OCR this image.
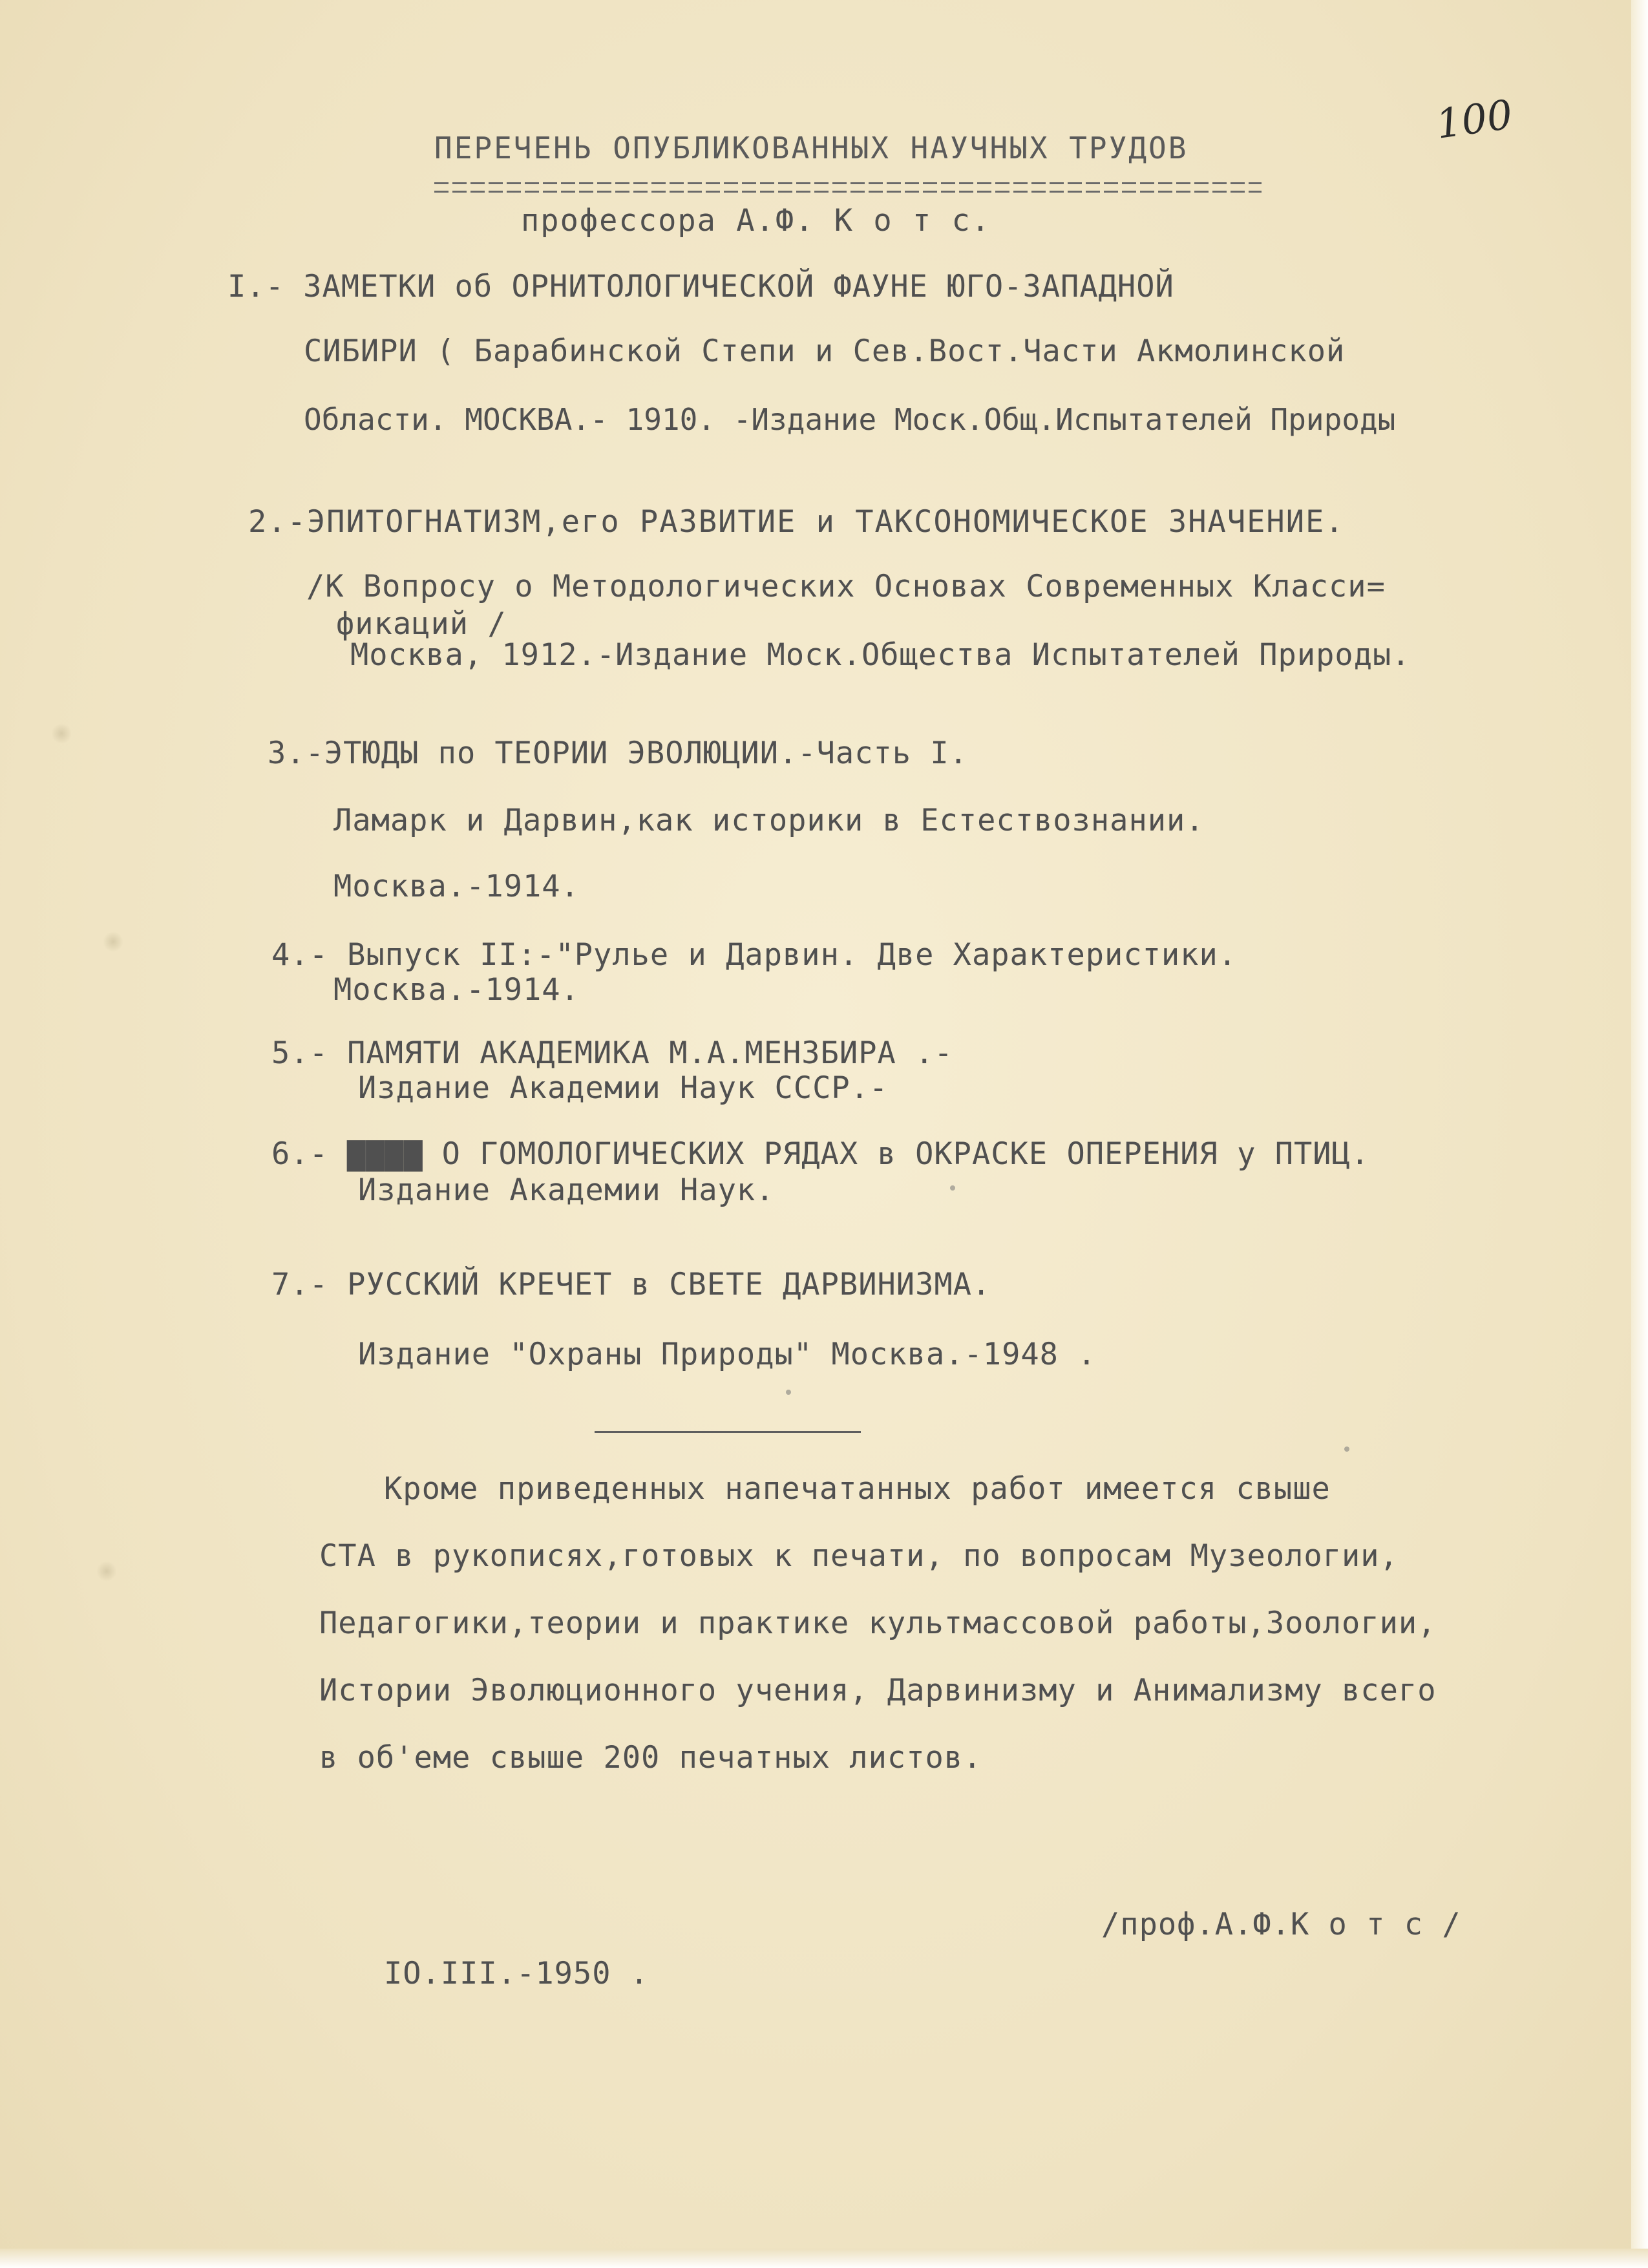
100
ПЕРЕЧЕНЬ ОПУБЛИКОВАННЫХ НАУЧНЫХ ТРУДОВ
профессора А.Ф. К о т с.
I.- ЗАМЕТКИ об ОРНИТОЛОГИЧЕСКОЙ ФАУНЕ ЮГО-ЗАПАДНОЙ
СИБИРИ ( Барабинской Степи и Сев.Вост.Части Акмолинской
Области. МОСКВА.- 1910. -Издание Моск.Общ.Испытателей Природы
2.-ЭПИТОГНАТИЗМ,его РАЗВИТИЕ и ТАКСОНОМИЧЕСКОЕ ЗНАЧЕНИЕ.
/К Вопросу о Методологических Основах Современных Класси=
фикаций /
Москва, 1912.-Издание Моск.Общества Испытателей Природы.
3.-ЭТЮДЫ по ТЕОРИИ ЭВОЛЮЦИИ.-Часть I.
Ламарк и Дарвин,как историки в Естествознании.
Москва.-1914.
4.- Выпуск II:-"Рулье и Дарвин. Две Характеристики.
Москва.-1914.
5.- ПАМЯТИ АКАДЕМИКА М.А.МЕНЗБИРА .-
Издание Академии Наук СССР.-
6.- ▇▇▇▇ О ГОМОЛОГИЧЕСКИХ РЯДАХ в ОКРАСКЕ ОПЕРЕНИЯ у ПТИЦ.
Издание Академии Наук.
7.- РУССКИЙ КРЕЧЕТ в СВЕТЕ ДАРВИНИЗМА.
Издание "Охраны Природы" Москва.-1948 .
Кроме приведенных напечатанных работ имеется свыше
СТА в рукописях,готовых к печати, по вопросам Музеологии,
Педагогики,теории и практике культмассовой работы,Зоологии,
Истории Эволюционного учения, Дарвинизму и Анимализму всего
в об'еме свыше 200 печатных листов.
/проф.А.Ф.К о т с /
IO.III.-1950 .
